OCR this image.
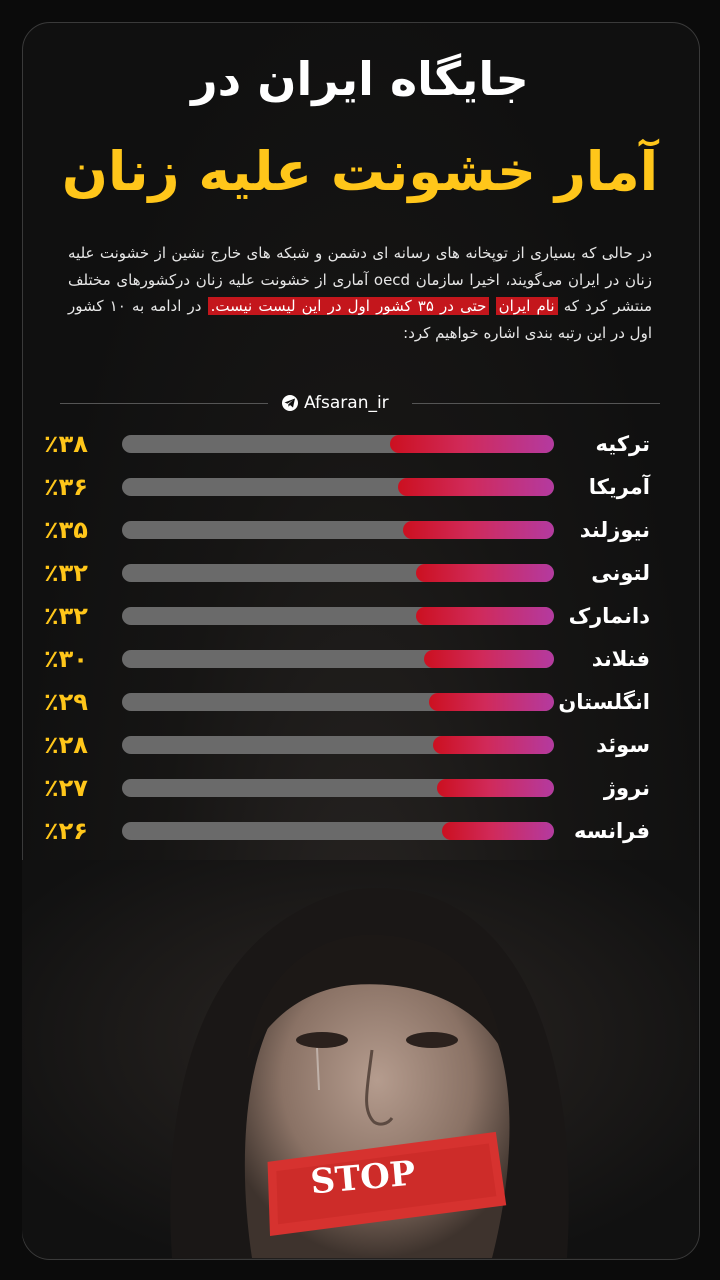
جایگاه ایران در
آمار خشونت علیه زنان
در حالی که بسیاری از توپخانه های رسانه ای دشمن و شبکه های خارج نشین از خشونت علیه زنان در ایران می‌گویند، اخیرا سازمان oecd آماری از خشونت علیه زنان درکشورهای مختلف منتشر کرد که نام ایران حتی در ۳۵ کشور اول در این لیست نیست. در ادامه به ۱۰ کشور اول در این رتبه بندی اشاره خواهیم کرد:
Afsaran_ir
ترکیه
٪۳۸
آمریکا
٪۳۶
نیوزلند
٪۳۵
لتونی
٪۳۲
دانمارک
٪۳۲
فنلاند
٪۳۰
انگلستان
٪۲۹
سوئد
٪۲۸
نروژ
٪۲۷
فرانسه
٪۲۶
STOP
